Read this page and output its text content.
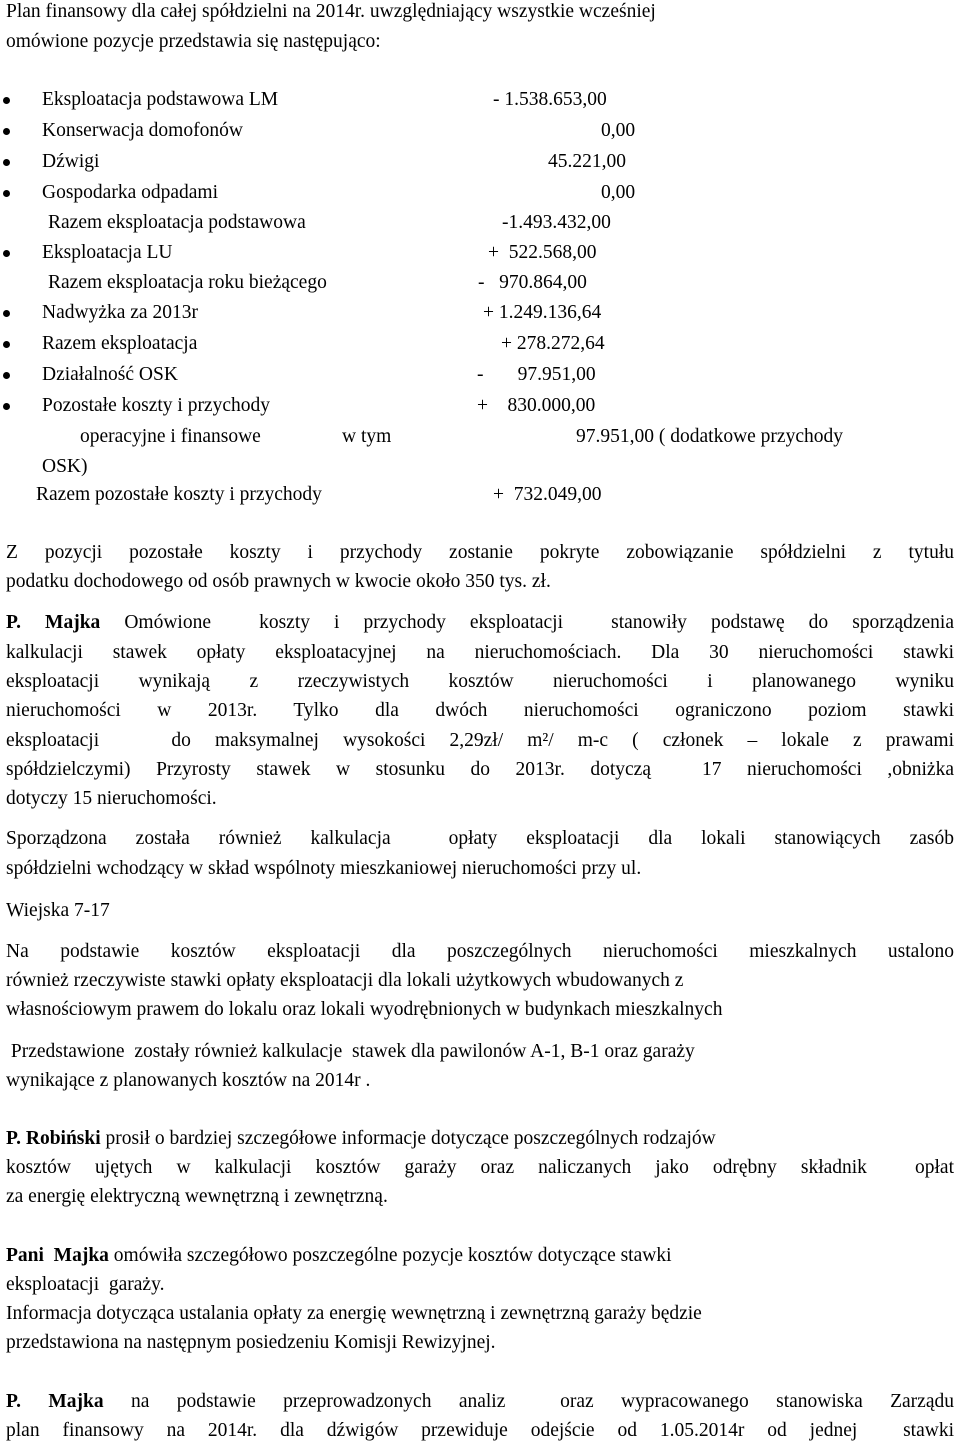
Plan finansowy dla całej spółdzielni na 2014r. uwzględniający wszystkie wcześniej
omówione pozycje przedstawia się następująco:
Eksploatacja podstawowa LM	- 1.538.653,00
Konserwacja domofonów	0,00
Dźwigi	45.221,00
Gospodarka odpadami	0,00
Razem eksploatacja podstawowa	-1.493.432,00
Eksploatacja LU	+  522.568,00
Razem eksploatacja roku bieżącego	-   970.864,00
Nadwyżka za 2013r	+ 1.249.136,64
Razem eksploatacja	+ 278.272,64
Działalność OSK	-       97.951,00
Pozostałe koszty i przychody	+    830.000,00
operacyjne i finansowe	w tym	97.951,00 ( dodatkowe przychody
OSK)
Razem pozostałe koszty i przychody	+  732.049,00
Z pozycji pozostałe koszty i przychody zostanie pokryte zobowiązanie spółdzielni z tytułu
podatku dochodowego od osób prawnych w kwocie około 350 tys. zł.
P. Majka Omówione  koszty i przychody eksploatacji  stanowiły podstawę do sporządzenia
kalkulacji stawek opłaty eksploatacyjnej na nieruchomościach. Dla 30 nieruchomości stawki
eksploatacji wynikają z rzeczywistych kosztów nieruchomości i planowanego wyniku
nieruchomości w 2013r. Tylko dla dwóch nieruchomości ograniczono poziom stawki
eksploatacji   do maksymalnej wysokości 2,29zł/ m²/ m-c ( członek – lokale z prawami
spółdzielczymi) Przyrosty stawek w stosunku do 2013r. dotyczą  17 nieruchomości ,obniżka
dotyczy 15 nieruchomości.
Sporządzona została również kalkulacja  opłaty eksploatacji dla lokali stanowiących zasób
spółdzielni wchodzący w skład wspólnoty mieszkaniowej nieruchomości przy ul.
Wiejska 7-17
Na podstawie kosztów eksploatacji dla poszczególnych nieruchomości mieszkalnych ustalono
również rzeczywiste stawki opłaty eksploatacji dla lokali użytkowych wbudowanych z
własnościowym prawem do lokalu oraz lokali wyodrębnionych w budynkach mieszkalnych
Przedstawione  zostały również kalkulacje  stawek dla pawilonów A-1, B-1 oraz garaży
wynikające z planowanych kosztów na 2014r .
P. Robiński prosił o bardziej szczegółowe informacje dotyczące poszczególnych rodzajów
kosztów ujętych w kalkulacji kosztów garaży oraz naliczanych jako odrębny składnik  opłat
za energię elektryczną wewnętrzną i zewnętrzną.
Pani  Majka omówiła szczegółowo poszczególne pozycje kosztów dotyczące stawki
eksploatacji  garaży.
Informacja dotycząca ustalania opłaty za energię wewnętrzną i zewnętrzną garaży będzie
przedstawiona na następnym posiedzeniu Komisji Rewizyjnej.
P. Majka na podstawie przeprowadzonych analiz  oraz wypracowanego stanowiska Zarządu
plan finansowy na 2014r. dla dźwigów przewiduje odejście od 1.05.2014r od jednej  stawki
